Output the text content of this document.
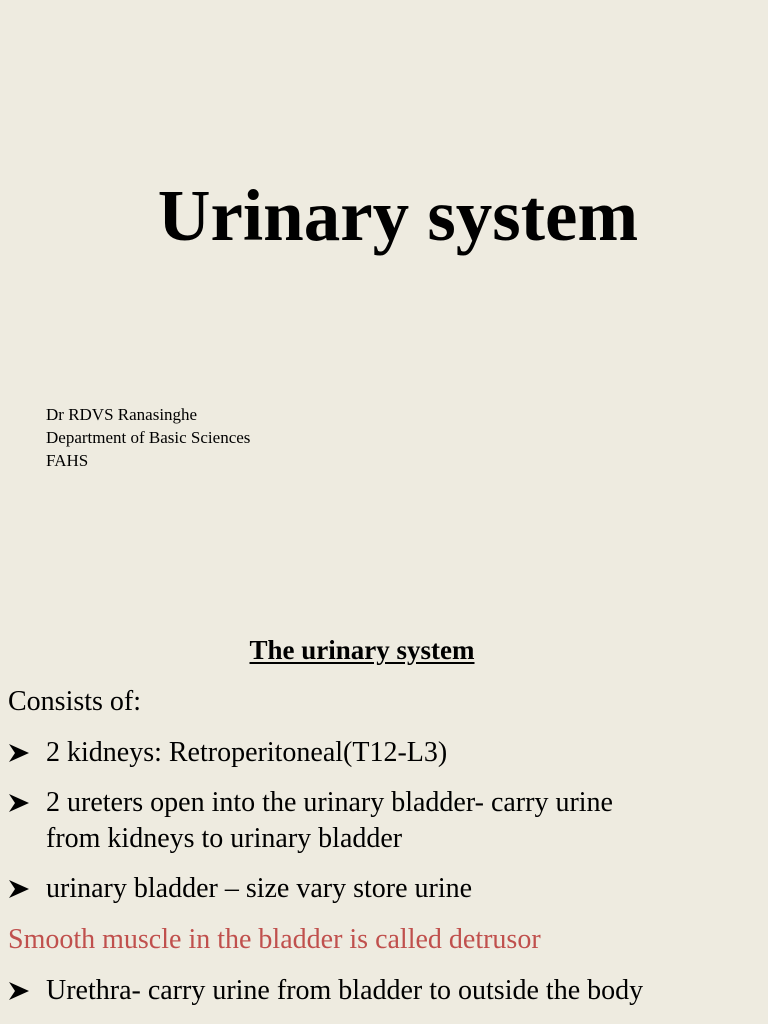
Urinary system
Dr RDVS Ranasinghe
Department of Basic Sciences
FAHS
The urinary system
Consists of:
2 kidneys: Retroperitoneal(T12-L3)
2 ureters open into the urinary bladder- carry urine from kidneys to urinary bladder
urinary bladder – size vary store urine
Smooth muscle in the bladder is called detrusor
Urethra- carry urine from bladder to outside the body
